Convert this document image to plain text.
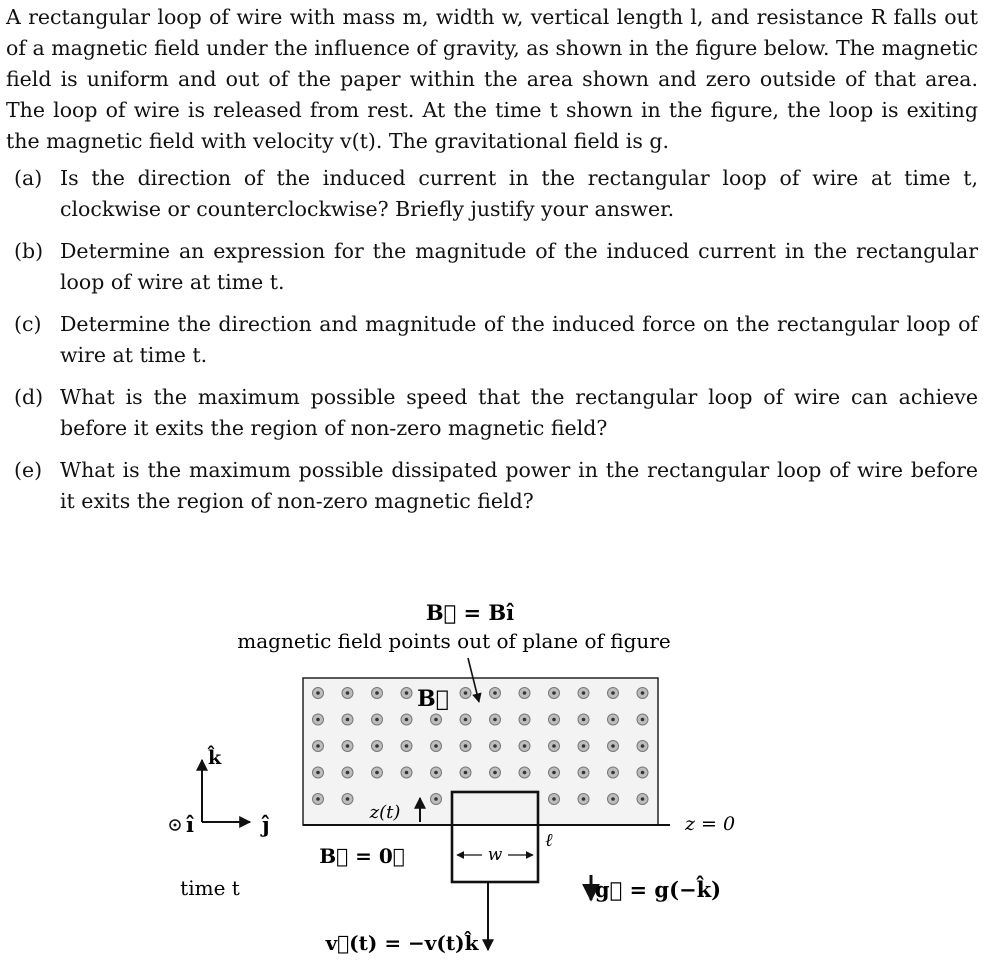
A rectangular loop of wire with mass m, width w, vertical length l, and resistance R falls out of a magnetic field under the influence of gravity, as shown in the figure below. The magnetic field is uniform and out of the paper within the area shown and zero outside of that area. The loop of wire is released from rest. At the time t shown in the figure, the loop is exiting the magnetic field with velocity v(t). The gravitational field is g.

(a) Is the direction of the induced current in the rectangular loop of wire at time t, clockwise or counterclockwise? Briefly justify your answer.
(b) Determine an expression for the magnitude of the induced current in the rectangular loop of wire at time t.
(c) Determine the direction and magnitude of the induced force on the rectangular loop of wire at time t.
(d) What is the maximum possible speed that the rectangular loop of wire can achieve before it exits the region of non-zero magnetic field?
(e) What is the maximum possible dissipated power in the rectangular loop of wire before it exits the region of non-zero magnetic field?
B⃗ = Bî
magnetic field points out of plane of figure
B⃗
z = 0
z(t)
w
ℓ
B⃗ = 0⃗
v⃗(t) = −v(t)k̂
g⃗ = g(−k̂)
î
k̂
ĵ
time t
